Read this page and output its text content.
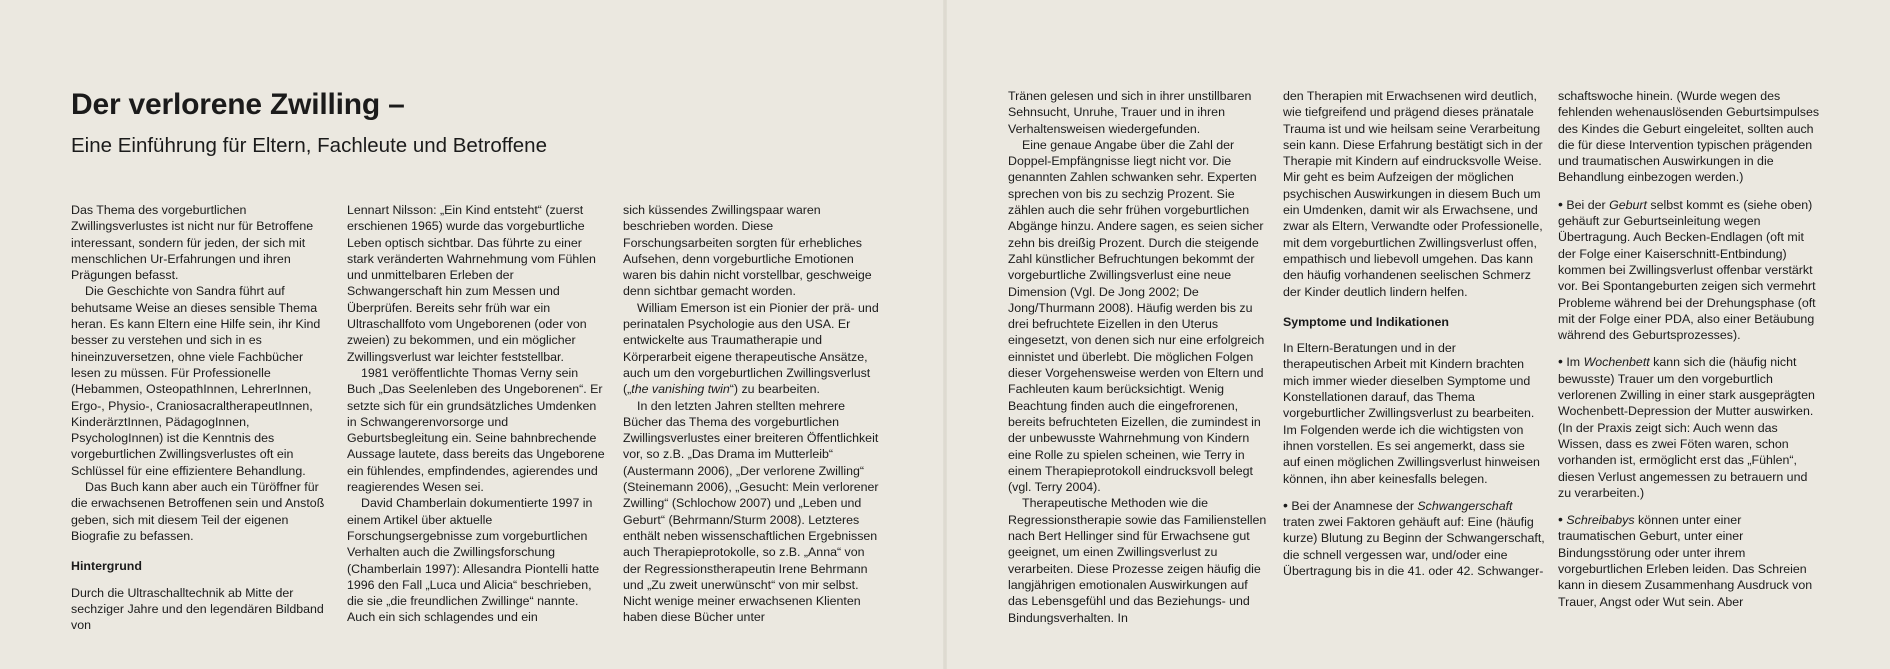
Der verlorene Zwilling –
Eine Einführung für Eltern, Fachleute und Betroffene

Das Thema des vorgeburtlichen Zwillingsverlustes ist nicht nur für Betroffene interessant, sondern für jeden, der sich mit menschlichen Ur-Erfahrungen und ihren Prägungen befasst.

Die Geschichte von Sandra führt auf behutsame Weise an dieses sensible Thema heran. Es kann Eltern eine Hilfe sein, ihr Kind besser zu verstehen und sich in es hineinzuversetzen, ohne viele Fachbücher lesen zu müssen. Für Professionelle (Hebammen, OsteopathInnen, LehrerInnen, Ergo-, Physio-, CraniosacraltherapeutInnen, KinderärztInnen, PädagogInnen, PsychologInnen) ist die Kenntnis des vorgeburtlichen Zwillingsverlustes oft ein Schlüssel für eine effizientere Behandlung.

Das Buch kann aber auch ein Türöffner für die erwachsenen Betroffenen sein und Anstoß geben, sich mit diesem Teil der eigenen Biografie zu befassen.

Hintergrund

Durch die Ultraschalltechnik ab Mitte der sechziger Jahre und den legendären Bildband von

Lennart Nilsson: „Ein Kind entsteht“ (zuerst erschienen 1965) wurde das vorgeburtliche Leben optisch sichtbar. Das führte zu einer stark veränderten Wahrnehmung vom Fühlen und unmittelbaren Erleben der Schwangerschaft hin zum Messen und Überprüfen. Bereits sehr früh war ein Ultraschallfoto vom Ungeborenen (oder von zweien) zu bekommen, und ein möglicher Zwillingsverlust war leichter feststellbar.

1981 veröffentlichte Thomas Verny sein Buch „Das Seelenleben des Ungeborenen“. Er setzte sich für ein grundsätzliches Umdenken in Schwangerenvorsorge und Geburtsbegleitung ein. Seine bahnbrechende Aussage lautete, dass bereits das Ungeborene ein fühlendes, empfindendes, agierendes und reagierendes Wesen sei.

David Chamberlain dokumentierte 1997 in einem Artikel über aktuelle Forschungsergebnisse zum vorgeburtlichen Verhalten auch die Zwillingsforschung (Chamberlain 1997): Allesandra Piontelli hatte 1996 den Fall „Luca und Alicia“ beschrieben, die sie „die freundlichen Zwillinge“ nannte. Auch ein sich schlagendes und ein

sich küssendes Zwillingspaar waren beschrieben worden. Diese Forschungsarbeiten sorgten für erhebliches Aufsehen, denn vorgeburtliche Emotionen waren bis dahin nicht vorstellbar, geschweige denn sichtbar gemacht worden.

William Emerson ist ein Pionier der prä- und perinatalen Psychologie aus den USA. Er entwickelte aus Traumatherapie und Körperarbeit eigene therapeutische Ansätze, auch um den vorgeburtlichen Zwillingsverlust („the vanishing twin“) zu bearbeiten.

In den letzten Jahren stellten mehrere Bücher das Thema des vorgeburtlichen Zwillingsverlustes einer breiteren Öffentlichkeit vor, so z.B. „Das Drama im Mutterleib“ (Austermann 2006), „Der verlorene Zwilling“ (Steinemann 2006), „Gesucht: Mein verlorener Zwilling“ (Schlochow 2007) und „Leben und Geburt“ (Behrmann/Sturm 2008). Letzteres enthält neben wissenschaftlichen Ergebnissen auch Therapieprotokolle, so z.B. „Anna“ von der Regressionstherapeutin Irene Behrmann und „Zu zweit unerwünscht“ von mir selbst. Nicht wenige meiner erwachsenen Klienten haben diese Bücher unter

Tränen gelesen und sich in ihrer unstillbaren Sehnsucht, Unruhe, Trauer und in ihren Verhaltensweisen wiedergefunden.

Eine genaue Angabe über die Zahl der Doppel-Empfängnisse liegt nicht vor. Die genannten Zahlen schwanken sehr. Experten sprechen von bis zu sechzig Prozent. Sie zählen auch die sehr frühen vorgeburtlichen Abgänge hinzu. Andere sagen, es seien sicher zehn bis dreißig Prozent. Durch die steigende Zahl künstlicher Befruchtungen bekommt der vorgeburtliche Zwillingsverlust eine neue Dimension (Vgl. De Jong 2002; De Jong/Thurmann 2008). Häufig werden bis zu drei befruchtete Eizellen in den Uterus eingesetzt, von denen sich nur eine erfolgreich einnistet und überlebt. Die möglichen Folgen dieser Vorgehensweise werden von Eltern und Fachleuten kaum berücksichtigt. Wenig Beachtung finden auch die eingefrorenen, bereits befruchteten Eizellen, die zumindest in der unbewusste Wahrnehmung von Kindern eine Rolle zu spielen scheinen, wie Terry in einem Therapieprotokoll eindrucksvoll belegt (vgl. Terry 2004).

Therapeutische Methoden wie die Regressionstherapie sowie das Familienstellen nach Bert Hellinger sind für Erwachsene gut geeignet, um einen Zwillingsverlust zu verarbeiten. Diese Prozesse zeigen häufig die langjährigen emotionalen Auswirkungen auf das Lebensgefühl und das Beziehungs- und Bindungsverhalten. In

den Therapien mit Erwachsenen wird deutlich, wie tiefgreifend und prägend dieses pränatale Trauma ist und wie heilsam seine Verarbeitung sein kann. Diese Erfahrung bestätigt sich in der Therapie mit Kindern auf eindrucksvolle Weise. Mir geht es beim Aufzeigen der möglichen psychischen Auswirkungen in diesem Buch um ein Umdenken, damit wir als Erwachsene, und zwar als Eltern, Verwandte oder Professionelle, mit dem vorgeburtlichen Zwillingsverlust offen, empathisch und liebevoll umgehen. Das kann den häufig vorhandenen seelischen Schmerz der Kinder deutlich lindern helfen.

Symptome und Indikationen

In Eltern-Beratungen und in der therapeutischen Arbeit mit Kindern brachten mich immer wieder dieselben Symptome und Konstellationen darauf, das Thema vorgeburtlicher Zwillingsverlust zu bearbeiten. Im Folgenden werde ich die wichtigsten von ihnen vorstellen. Es sei angemerkt, dass sie auf einen möglichen Zwillingsverlust hinweisen können, ihn aber keinesfalls belegen.

• Bei der Anamnese der Schwangerschaft traten zwei Faktoren gehäuft auf: Eine (häufig kurze) Blutung zu Beginn der Schwangerschaft, die schnell vergessen war, und/oder eine Übertragung bis in die 41. oder 42. Schwanger-

schaftswoche hinein. (Wurde wegen des fehlenden wehenauslösenden Geburtsimpulses des Kindes die Geburt eingeleitet, sollten auch die für diese Intervention typischen prägenden und traumatischen Auswirkungen in die Behandlung einbezogen werden.)

• Bei der Geburt selbst kommt es (siehe oben) gehäuft zur Geburtseinleitung wegen Übertragung. Auch Becken-Endlagen (oft mit der Folge einer Kaiserschnitt-Entbindung) kommen bei Zwillingsverlust offenbar verstärkt vor. Bei Spontangeburten zeigen sich vermehrt Probleme während bei der Drehungsphase (oft mit der Folge einer PDA, also einer Betäubung während des Geburtsprozesses).

• Im Wochenbett kann sich die (häufig nicht bewusste) Trauer um den vorgeburtlich verlorenen Zwilling in einer stark ausgeprägten Wochenbett-Depression der Mutter auswirken. (In der Praxis zeigt sich: Auch wenn das Wissen, dass es zwei Föten waren, schon vorhanden ist, ermöglicht erst das „Fühlen“, diesen Verlust angemessen zu betrauern und zu verarbeiten.)

• Schreibabys können unter einer traumatischen Geburt, unter einer Bindungsstörung oder unter ihrem vorgeburtlichen Erleben leiden. Das Schreien kann in diesem Zusammenhang Ausdruck von Trauer, Angst oder Wut sein. Aber
